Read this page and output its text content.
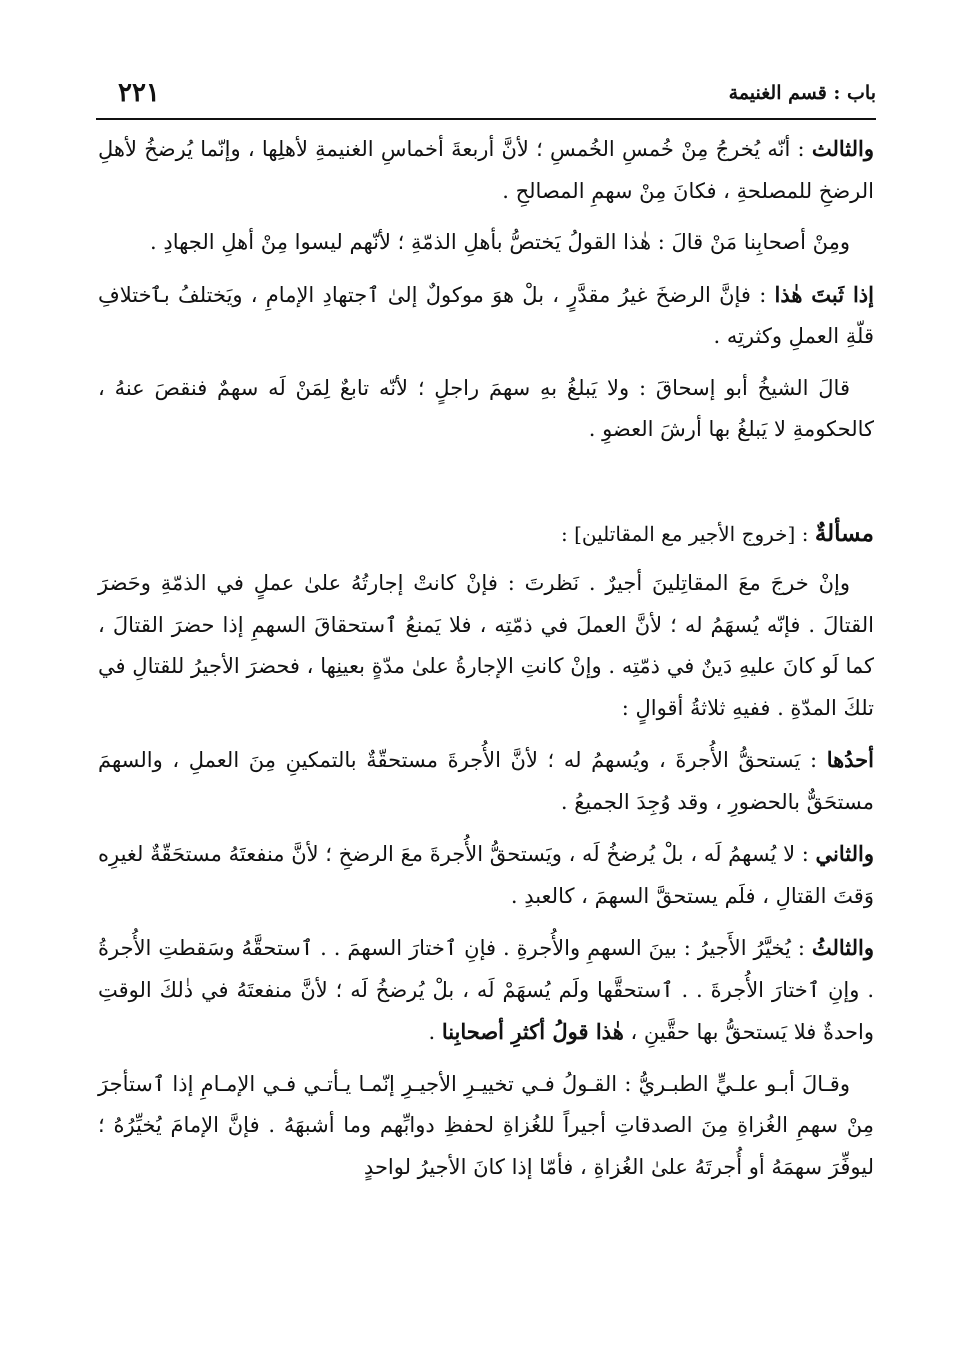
باب : قسم الغنيمة
٢٢١

والثالث : أنّه يُخرجُ مِنْ خُمسِ الخُمسِ ؛ لأنَّ أربعةَ أخماسِ الغنيمةِ لأهلِها ، وإنّما يُرضخُ لأهلِ الرضخِ للمصلحةِ ، فكانَ مِنْ سهمِ المصالحِ .

ومِنْ أصحابِنا مَنْ قالَ : هٰذا القولُ يَختصُّ بأهلِ الذمّةِ ؛ لأنّهم ليسوا مِنْ أهلِ الجهادِ .

إذا ثَبتَ هٰذا : فإنَّ الرضخَ غيرُ مقدَّرٍ ، بلْ هوَ موكولٌ إلىٰ ٱجتهادِ الإمامِ ، ويَختلفُ بٱختلافِ قلّةِ العملِ وكثرتِه .

قالَ الشيخُ أبو إسحاقَ : ولا يَبلغُ بهِ سهمَ راجلٍ ؛ لأنّه تابعٌ لِمَنْ لَه سهمٌ فنقصَ عنهُ ، كالحكومةِ لا يَبلغُ بها أرشَ العضوِ .

مسألةٌ : [خروج الأجير مع المقاتلين] :

وإنْ خرجَ معَ المقاتِلينَ أجيرٌ . نَظرتَ : فإنْ كانتْ إجارتُهُ علىٰ عملٍ في الذمّةِ وحَضرَ القتالَ . فإنّه يُسهَمُ له ؛ لأنَّ العملَ في ذمّتِه ، فلا يَمنعُ ٱستحقاقَ السهمِ إذا حضرَ القتالَ ، كما لَو كانَ عليهِ دَينٌ في ذمّتِه . وإنْ كانتِ الإجارةُ علىٰ مدّةٍ بعينِها ، فحضرَ الأجيرُ للقتالِ في تلكَ المدّةِ . ففيهِ ثلاثةُ أقوالٍ :

أحدُها : يَستحقُّ الأُجرةَ ، ويُسهمُ له ؛ لأنَّ الأُجرةَ مستحقّةٌ بالتمكينِ مِنَ العملِ ، والسهمَ مستحَقٌّ بالحضورِ ، وقد وُجِدَ الجميعُ .

والثاني : لا يُسهمُ لَه ، بلْ يُرضخُ لَه ، ويَستحقُّ الأُجرةَ معَ الرضخِ ؛ لأنَّ منفعتَهُ مستحَقّةٌ لغيرِه وَقتَ القتالِ ، فلَم يستحقَّ السهمَ ، كالعبدِ .

والثالثُ : يُخيَّرُ الأَجيرُ : بينَ السهمِ والأُجرةِ . فإنِ ٱختارَ السهمَ . . ٱستحقَّهُ وسَقطتِ الأُجرةُ . وإنِ ٱختارَ الأُجرةَ . . ٱستحقَّها ولَم يُسهَمْ لَه ، بلْ يُرضخُ لَه ؛ لأنَّ منفعتَهُ في ذٰلكَ الوقتِ واحدةٌ فلا يَستحقُّ بها حقَّينِ ، هٰذا قولُ أكثرِ أصحابِنا .

وقـالَ أبـو علـيٍّ الطبـريُّ : القـولُ فـي تخييـرِ الأجيـرِ إنّمـا يـأتـي فـي الإمـامِ إذا ٱستأجرَ مِنْ سهمِ الغُزاةِ مِنَ الصدقاتِ أجيراً للغُزاةِ لحفظِ دوابِّهم وما أشبهَهُ . فإنَّ الإمامَ يُخيِّرُهُ ؛ ليوفِّرَ سهمَهُ أو أُجرتَهُ علىٰ الغُزاةِ ، فأمّا إذا كانَ الأجيرُ لواحدٍ
